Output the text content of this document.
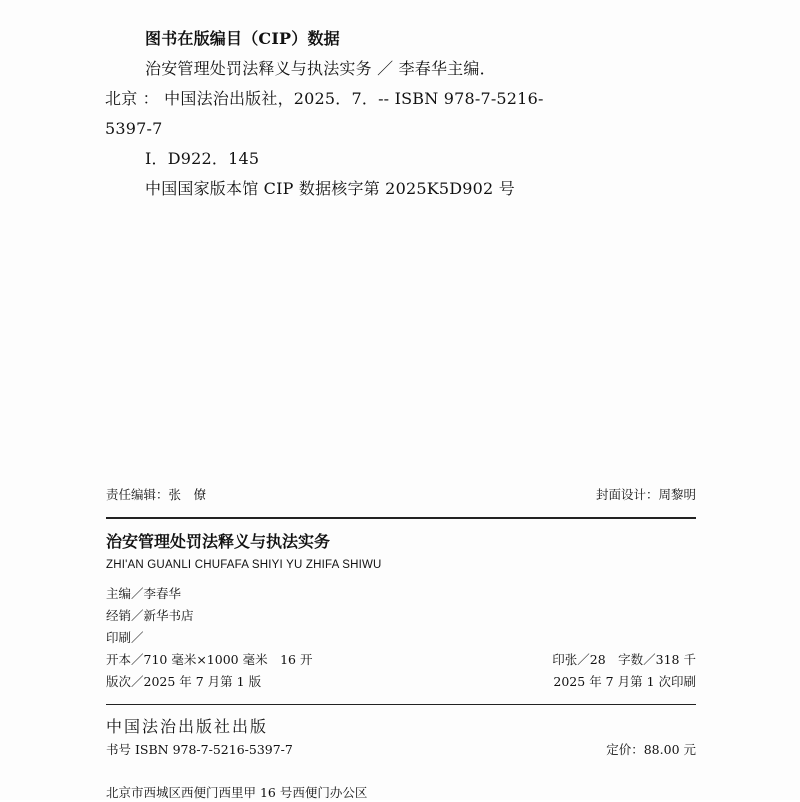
图书在版编目（CIP）数据
治安管理处罚法释义与执法实务 ／ 李春华主编．
北京 ： 中国法治出版社，2025．7．-- ISBN 978-7-5216-
5397-7
Ⅰ．D922．145
中国国家版本馆 CIP 数据核字第 2025K5D902 号
责任编辑：张　僚	封面设计：周黎明
治安管理处罚法释义与执法实务
ZHI'AN GUANLI CHUFAFA SHIYI YU ZHIFA SHIWU
主编／李春华
经销／新华书店
印刷／
开本／710 毫米×1000 毫米　16 开	印张／28　字数／318 千
版次／2025 年 7 月第 1 版	2025 年 7 月第 1 次印刷
中国法治出版社出版
书号 ISBN 978-7-5216-5397-7	定价：88.00 元
北京市西城区西便门西里甲 16 号西便门办公区
